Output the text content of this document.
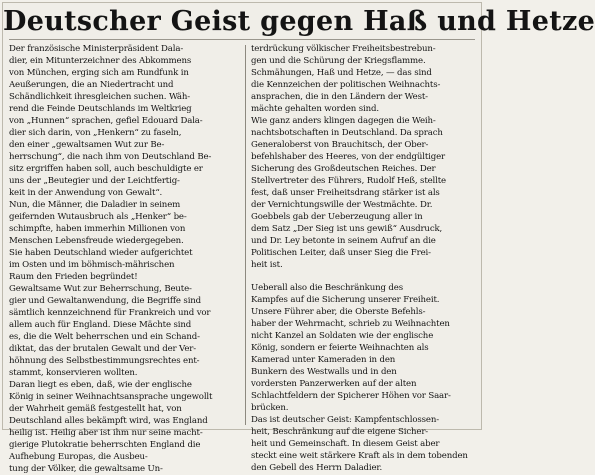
Deutscher Geist gegen Haß und Hetze
Der französische Ministerpräsident Dala-
dier, ein Mitunterzeichner des Abkommens
von München, erging sich am Rundfunk in
Aeußerungen, die an Niedertracht und
Schändlichkeit ihresgleichen suchen. Wäh-
rend die Feinde Deutschlands im Weltkrieg
von „Hunnen“ sprachen, gefiel Edouard Dala-
dier sich darin, von „Henkern“ zu faseln,
den einer „gewaltsamen Wut zur Be-
herrschung“, die nach ihm von Deutschland Be-
sitz ergriffen haben soll, auch beschuldigte er
uns der „Beutegier und der Leichtfertig-
keit in der Anwendung von Gewalt“.
Nun, die Männer, die Daladier in seinem
geifernden Wutausbruch als „Henker“ be-
schimpfte, haben immerhin Millionen von
Menschen Lebensfreude wiedergegeben.
Sie haben Deutschland wieder aufgerichtet
im Osten und im böhmisch-mährischen
Raum den Frieden begründet!
Gewaltsame Wut zur Beherrschung, Beute-
gier und Gewaltanwendung, die Begriffe sind
sämtlich kennzeichnend für Frankreich und vor
allem auch für England. Diese Mächte sind
es, die die Welt beherrschen und ein Schand-
diktat, das der brutalen Gewalt und der Ver-
höhnung des Selbstbestimmungsrechtes ent-
stammt, konservieren wollten.
Daran liegt es eben, daß, wie der englische
König in seiner Weihnachtsansprache ungewollt
der Wahrheit gemäß festgestellt hat, von
Deutschland alles bekämpft wird, was England
heilig ist. Heilig aber ist ihm nur seine macht-
gierige Plutokratie beherrschten England die
Aufhebung Europas, die Ausbeu-
tung der Völker, die gewaltsame Un-
terdrückung völkischer Freiheitsbestrebun-
gen und die Schürung der Kriegsflamme.
Schmähungen, Haß und Hetze, — das sind
die Kennzeichen der politischen Weihnachts-
ansprachen, die in den Ländern der West-
mächte gehalten worden sind.
Wie ganz anders klingen dagegen die Weih-
nachtsbotschaften in Deutschland. Da sprach
Generaloberst von Brauchitsch, der Ober-
befehlshaber des Heeres, von der endgültiger
Sicherung des Großdeutschen Reiches. Der
Stellvertreter des Führers, Rudolf Heß, stellte
fest, daß unser Freiheitsdrang stärker ist als
der Vernichtungswille der Westmächte. Dr.
Goebbels gab der Ueberzeugung aller in
dem Satz „Der Sieg ist uns gewiß“ Ausdruck,
und Dr. Ley betonte in seinem Aufruf an die
Politischen Leiter, daß unser Sieg die Frei-
heit ist.
Ueberall also die Beschränkung des
Kampfes auf die Sicherung unserer Freiheit.
Unsere Führer aber, die Oberste Befehls-
haber der Wehrmacht, schrieb zu Weihnachten
nicht Kanzel an Soldaten wie der englische
König, sondern er feierte Weihnachten als
Kamerad unter Kameraden in den
Bunkern des Westwalls und in den
vordersten Panzerwerken auf der alten
Schlachtfeldern der Spicherer Höhen vor Saar-
brücken.
Das ist deutscher Geist: Kampfentschlossen-
heit, Beschränkung auf die eigene Sicher-
heit und Gemeinschaft. In diesem Geist aber
steckt eine weit stärkere Kraft als in dem tobenden
den Gebell des Herrn Daladier.
